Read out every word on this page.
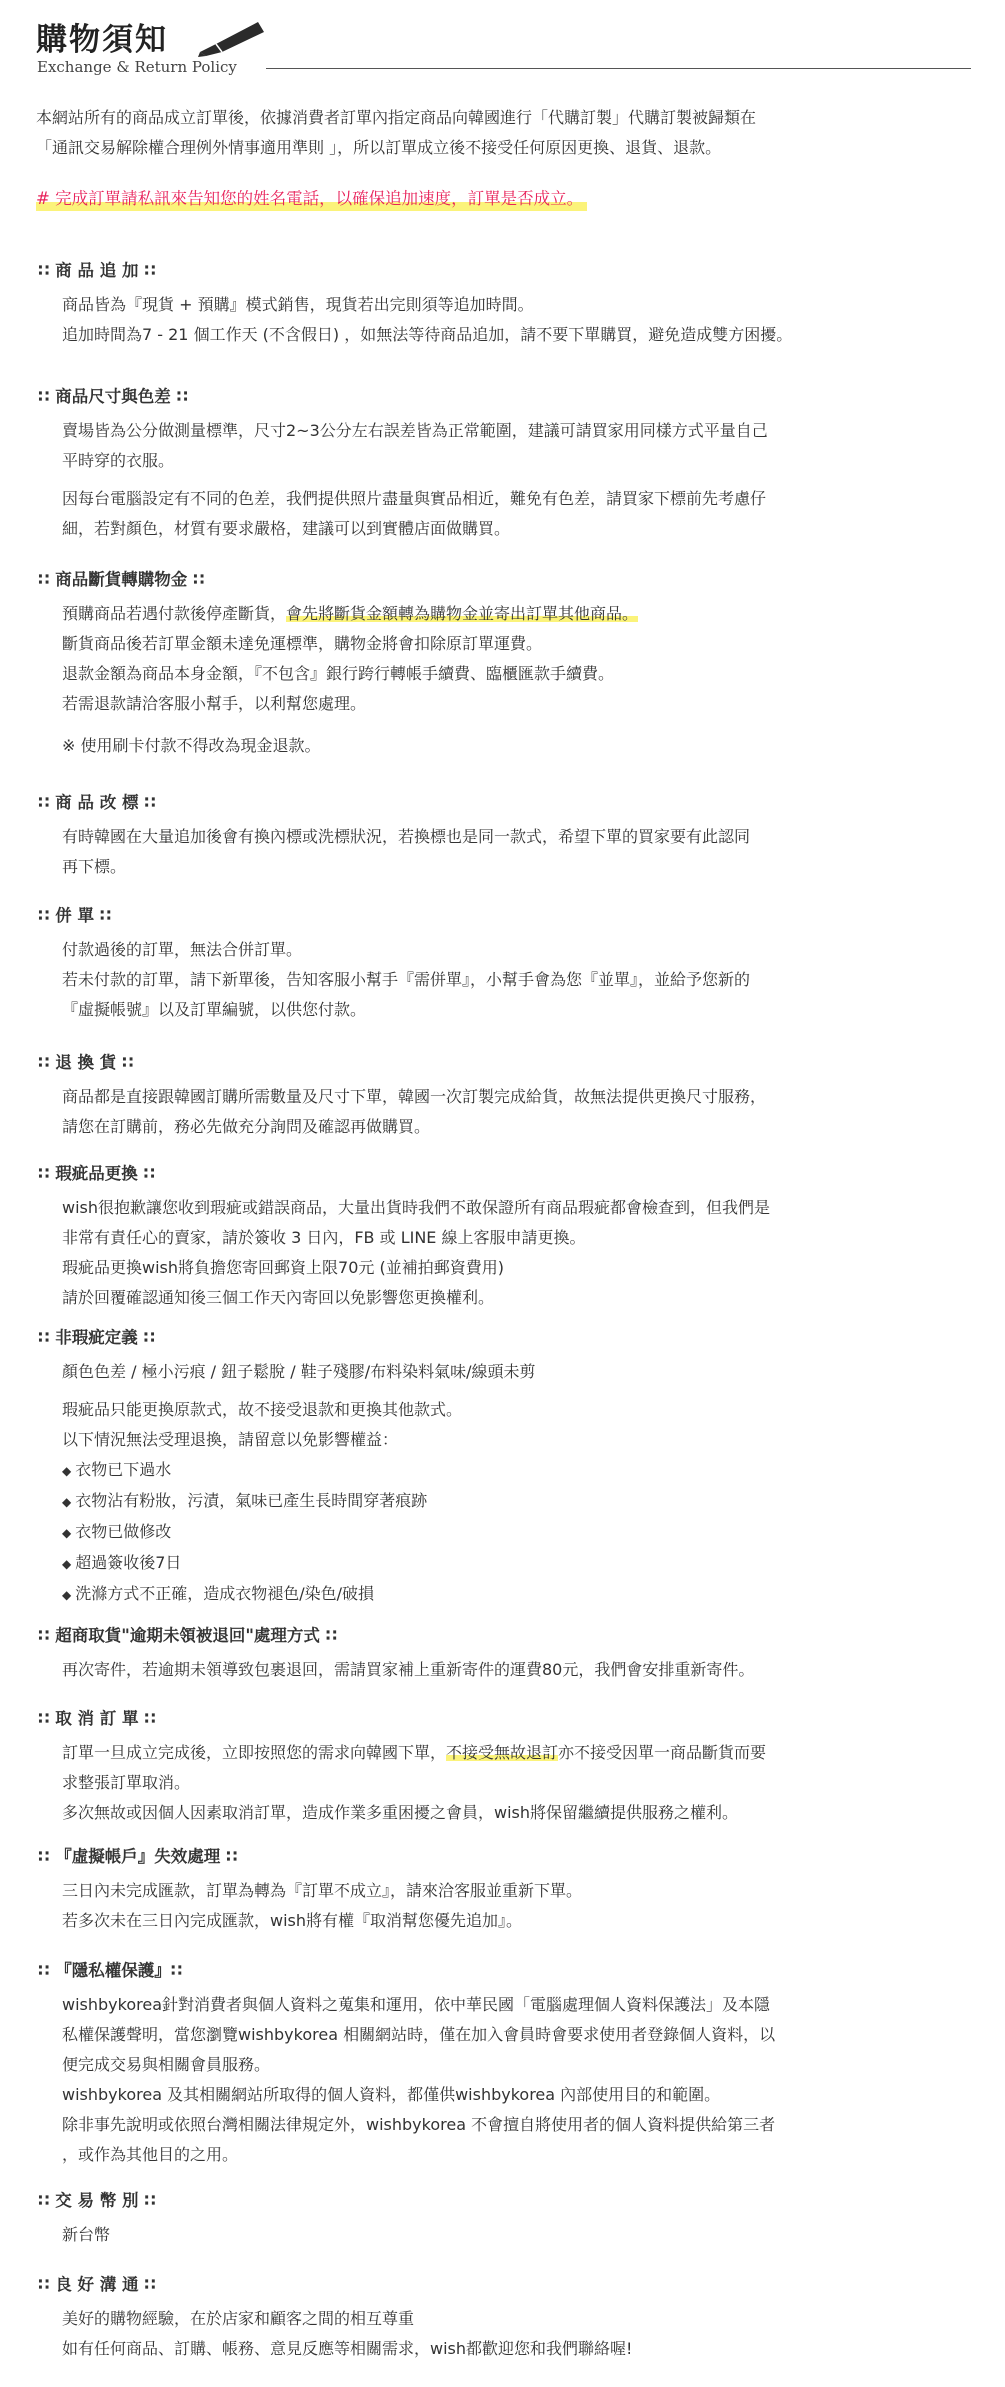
購物須知
Exchange & Return Policy

本網站所有的商品成立訂單後，依據消費者訂單內指定商品向韓國進行「代購訂製」代購訂製被歸類在

「通訊交易解除權合理例外情事適用準則 」，所以訂單成立後不接受任何原因更換、退貨、退款。

# 完成訂單請私訊來告知您的姓名電話，以確保追加速度，訂單是否成立。
∷ 商 品 追 加 ∷

商品皆為『現貨 + 預購』模式銷售，現貨若出完則須等追加時間。

追加時間為7 - 21 個工作天 (不含假日) ，如無法等待商品追加，請不要下單購買，避免造成雙方困擾。

∷ 商品尺寸與色差 ∷

賣場皆為公分做測量標準，尺寸2~3公分左右誤差皆為正常範圍，建議可請買家用同樣方式平量自己

平時穿的衣服。

因每台電腦設定有不同的色差，我們提供照片盡量與實品相近，難免有色差，請買家下標前先考慮仔

細，若對顏色，材質有要求嚴格，建議可以到實體店面做購買。

∷ 商品斷貨轉購物金 ∷

預購商品若遇付款後停產斷貨，會先將斷貨金額轉為購物金並寄出訂單其他商品。

斷貨商品後若訂單金額未達免運標準，購物金將會扣除原訂單運費。

退款金額為商品本身金額，『不包含』銀行跨行轉帳手續費、臨櫃匯款手續費。

若需退款請洽客服小幫手，以利幫您處理。

※ 使用刷卡付款不得改為現金退款。

∷ 商 品 改 標 ∷

有時韓國在大量追加後會有換內標或洗標狀況，若換標也是同一款式，希望下單的買家要有此認同

再下標。

∷ 併 單 ∷

付款過後的訂單，無法合併訂單。

若未付款的訂單，請下新單後，告知客服小幫手『需併單』，小幫手會為您『並單』，並給予您新的

『虛擬帳號』以及訂單編號，以供您付款。

∷ 退 換 貨 ∷

商品都是直接跟韓國訂購所需數量及尺寸下單，韓國一次訂製完成給貨，故無法提供更換尺寸服務，

請您在訂購前，務必先做充分詢問及確認再做購買。

∷ 瑕疵品更換 ∷

wish很抱歉讓您收到瑕疵或錯誤商品，大量出貨時我們不敢保證所有商品瑕疵都會檢查到，但我們是

非常有責任心的賣家，請於簽收 3 日內，FB 或 LINE 線上客服申請更換。

瑕疵品更換wish將負擔您寄回郵資上限70元 (並補拍郵資費用)

請於回覆確認通知後三個工作天內寄回以免影響您更換權利。

∷ 非瑕疵定義 ∷

顏色色差 / 極小污痕 / 鈕子鬆脫 / 鞋子殘膠/布料染料氣味/線頭未剪

瑕疵品只能更換原款式，故不接受退款和更換其他款式。

以下情況無法受理退換，請留意以免影響權益：

◆ 衣物已下過水

◆ 衣物沾有粉妝，污漬，氣味已產生長時間穿著痕跡

◆ 衣物已做修改

◆ 超過簽收後7日

◆ 洗滌方式不正確，造成衣物褪色/染色/破損

∷ 超商取貨"逾期未領被退回"處理方式 ∷

再次寄件，若逾期未領導致包裹退回，需請買家補上重新寄件的運費80元，我們會安排重新寄件。

∷ 取 消 訂 單 ∷

訂單一旦成立完成後，立即按照您的需求向韓國下單，不接受無故退訂亦不接受因單一商品斷貨而要

求整張訂單取消。

多次無故或因個人因素取消訂單，造成作業多重困擾之會員，wish將保留繼續提供服務之權利。

∷ 『虛擬帳戶』失效處理 ∷

三日內未完成匯款，訂單為轉為『訂單不成立』，請來洽客服並重新下單。

若多次未在三日內完成匯款，wish將有權『取消幫您優先追加』。

∷ 『隱私權保護』∷

wishbykorea針對消費者與個人資料之蒐集和運用，依中華民國「電腦處理個人資料保護法」及本隱

私權保護聲明，當您瀏覽wishbykorea 相關網站時，僅在加入會員時會要求使用者登錄個人資料，以

便完成交易與相關會員服務。

wishbykorea 及其相關網站所取得的個人資料，都僅供wishbykorea 內部使用目的和範圍。

除非事先說明或依照台灣相關法律規定外，wishbykorea 不會擅自將使用者的個人資料提供給第三者

，或作為其他目的之用。

∷ 交 易 幣 別 ∷

新台幣

∷ 良 好 溝 通 ∷

美好的購物經驗，在於店家和顧客之間的相互尊重

如有任何商品、訂購、帳務、意見反應等相關需求，wish都歡迎您和我們聯絡喔!
